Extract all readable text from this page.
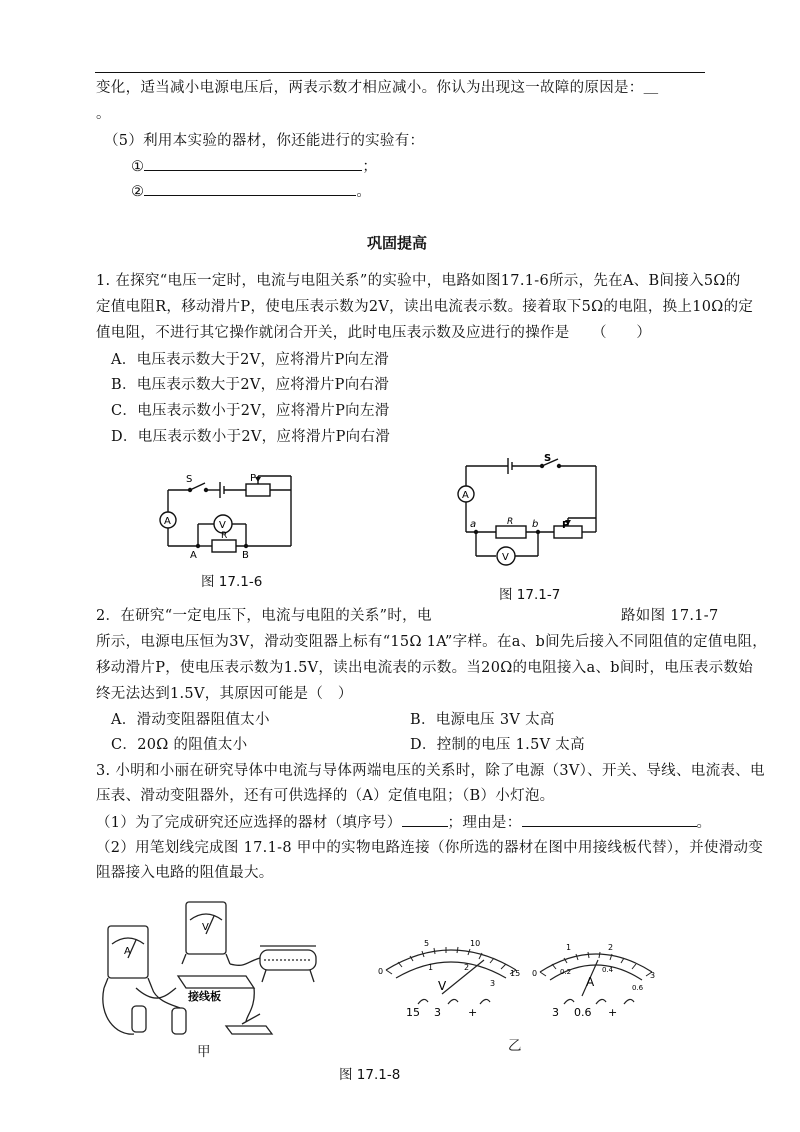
变化，适当减小电源电压后，两表示数才相应减小。你认为出现这一故障的原因是：＿
。
（5）利用本实验的器材，你还能进行的实验有：
①	；
②	。
巩固提高
1. 在探究“电压一定时，电流与电阻关系”的实验中，电路如图17.1-6所示，先在A、B间接入5Ω的
定值电阻R，移动滑片P，使电压表示数为2V，读出电流表示数。接着取下5Ω的电阻，换上10Ω的定
值电阻，不进行其它操作就闭合开关，此时电压表示数及应进行的操作是　　（　　）
A．电压表示数大于2V，应将滑片P向左滑
B．电压表示数大于2V，应将滑片P向右滑
C．电压表示数小于2V，应将滑片P向左滑
D．电压表示数小于2V，应将滑片P向右滑
S	P
A	V
R
A	B
图 17.1-6
S
P
A
V
R
a	b
图 17.1-7
2．在研究“一定电压下，电流与电阻的关系”时，电	路如图 17.1-7
所示，电源电压恒为3V，滑动变阻器上标有“15Ω 1A”字样。在a、b间先后接入不同阻值的定值电阻，
移动滑片P，使电压表示数为1.5V，读出电流表的示数。当20Ω的电阻接入a、b间时，电压表示数始
终无法达到1.5V，其原因可能是（　）
A．滑动变阻器阻值太小	B．电源电压 3V 太高
C．20Ω 的阻值太小	D．控制的电压 1.5V 太高
3. 小明和小丽在研究导体中电流与导体两端电压的关系时，除了电源（3V）、开关、导线、电流表、电
压表、滑动变阻器外，还有可供选择的（A）定值电阻；（B）小灯泡。
（1）为了完成研究还应选择的器材（填序号）	；理由是：	。
（2）用笔划线完成图 17.1-8 甲中的实物电路连接（你所选的器材在图中用接线板代替），并使滑动变
阻器接入电路的阻值最大。
A
V
接线板
甲
0
5	10
15
1	2
3
V
15 3 +
0
1	2
3
0.2	0.4
0.6
A
3 0.6 +
乙
图 17.1-8
